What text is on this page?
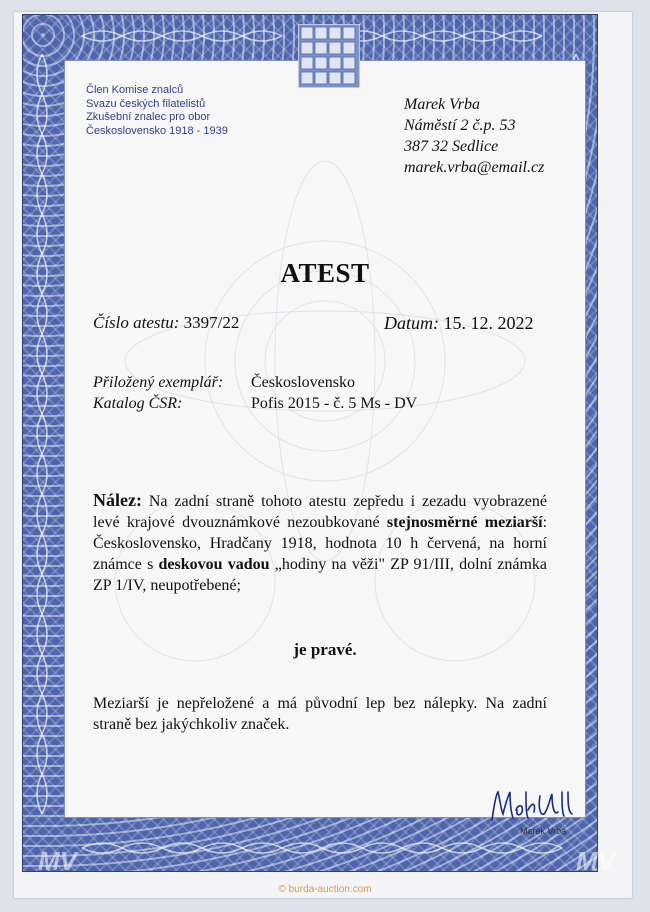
MV	MV
Člen Komise znalců
Svazu českých filatelistů
Zkušební znalec pro obor
Československo 1918 - 1939
Marek Vrba
Náměstí 2 č.p. 53
387 32 Sedlice
marek.vrba@email.cz
ATEST
Číslo atestu: 3397/22	Datum: 15. 12. 2022
Přiložený exemplář: Československo
Katalog ČSR:	Pofis 2015 - č. 5 Ms - DV
Nález: Na zadní straně tohoto atestu zepředu i zezadu vyobrazené levé krajové dvouznámkové nezoubkované stejnosměrné meziarší: Československo, Hradčany 1918, hodnota 10 h červená, na horní známce s deskovou vadou „hodiny na věži" ZP 91/III, dolní známka ZP 1/IV, neupotřebené;
je pravé.
Meziarší je nepřeložené a má původní lep bez nálepky. Na zadní straně bez jakýchkoliv značek.
Marek Vrba
© burda-auction.com
